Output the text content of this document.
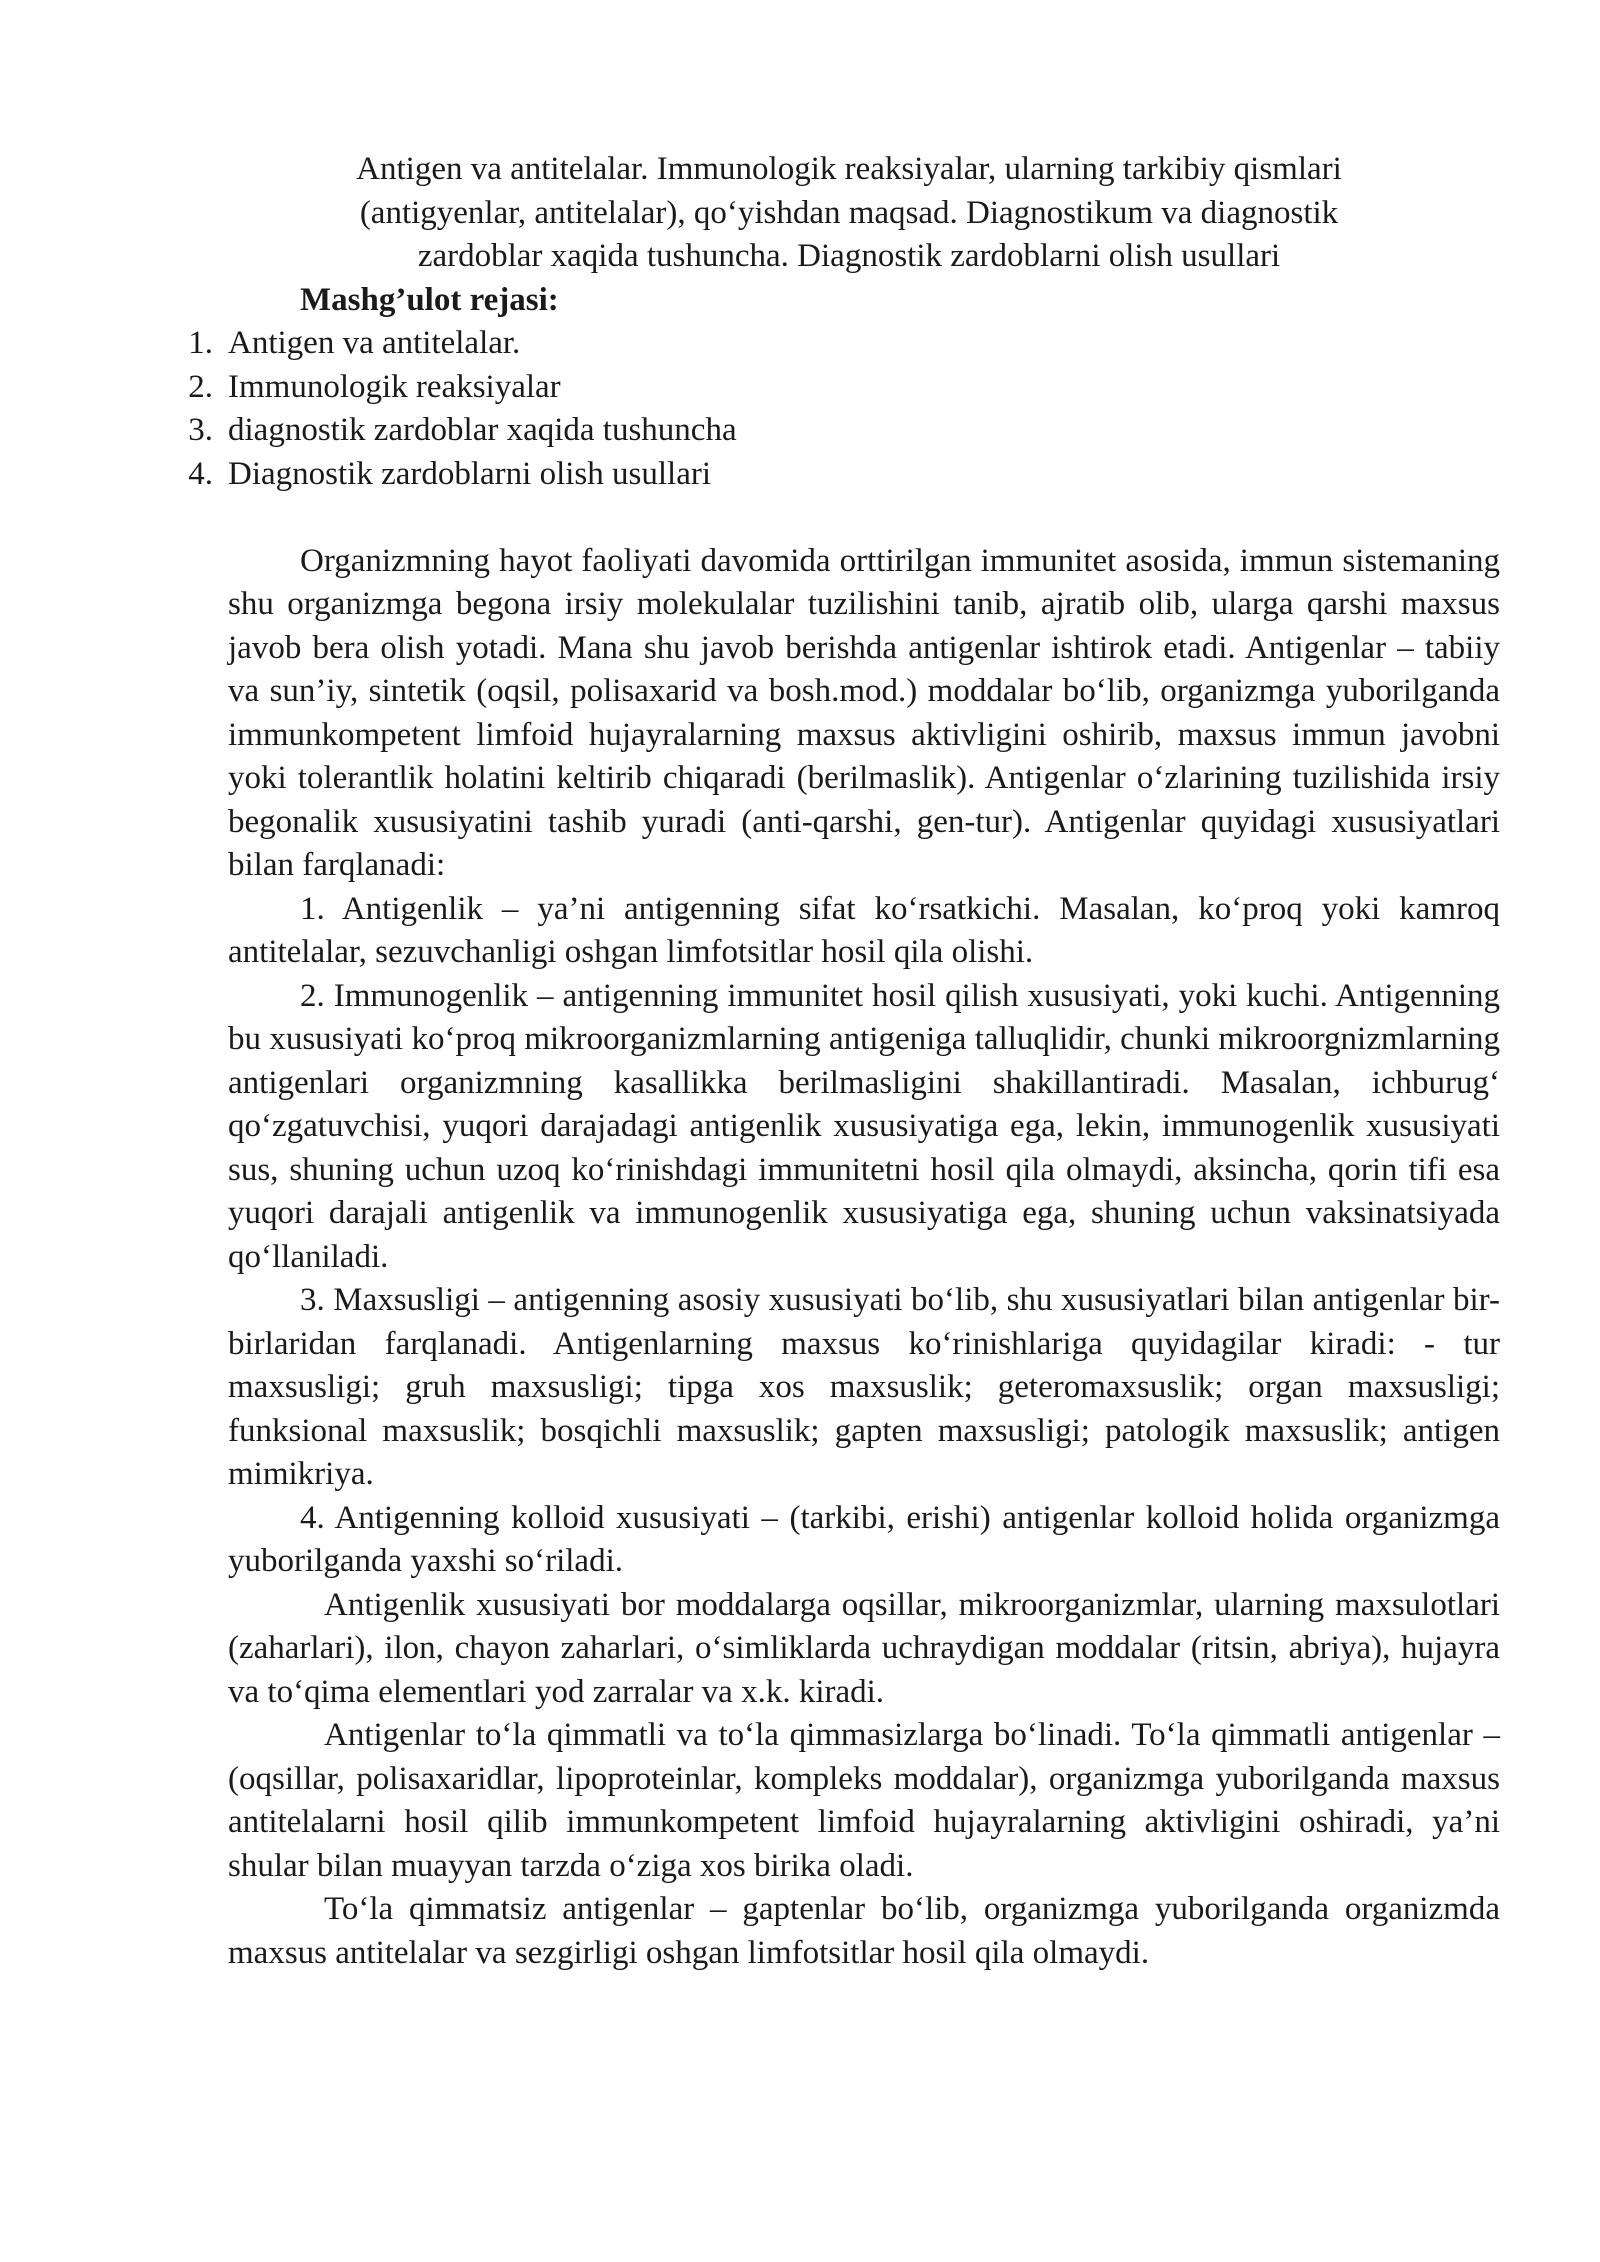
Antigen va antitelalar. Immunologik reaksiyalar, ularning tarkibiy qismlari
(antigyenlar, antitelalar), qo‘yishdan maqsad. Diagnostikum va diagnostik
zardoblar xaqida tushuncha. Diagnostik zardoblarni olish usullari
Mashg’ulot rejasi:
1. Antigen va antitelalar.
2. Immunologik reaksiyalar
3. diagnostik zardoblar xaqida tushuncha
4. Diagnostik zardoblarni olish usullari

Organizmning hayot faoliyati davomida orttirilgan immunitet asosida, immun sistemaning shu organizmga begona irsiy molekulalar tuzilishini tanib, ajratib olib, ularga qarshi maxsus javob bera olish yotadi. Mana shu javob berishda antigenlar ishtirok etadi. Antigenlar – tabiiy va sun’iy, sintetik (oqsil, polisaxarid va bosh.mod.) moddalar bo‘lib, organizmga yuborilganda immunkompetent limfoid hujayralarning maxsus aktivligini oshirib, maxsus immun javobni yoki tolerantlik holatini keltirib chiqaradi (berilmaslik). Antigenlar o‘zlarining tuzilishida irsiy begonalik xususiyatini tashib yuradi (anti-qarshi, gen-tur). Antigenlar quyidagi xususiyatlari bilan farqlanadi:

1. Antigenlik – ya’ni antigenning sifat ko‘rsatkichi. Masalan, ko‘proq yoki kamroq antitelalar, sezuvchanligi oshgan limfotsitlar hosil qila olishi.

2. Immunogenlik – antigenning immunitet hosil qilish xususiyati, yoki kuchi. Antigenning bu xususiyati ko‘proq mikroorganizmlarning antigeniga talluqlidir, chunki mikroorgnizmlarning antigenlari organizmning kasallikka berilmasligini shakillantiradi. Masalan, ichburug‘ qo‘zgatuvchisi, yuqori darajadagi antigenlik xususiyatiga ega, lekin, immunogenlik xususiyati sus, shuning uchun uzoq ko‘rinishdagi immunitetni hosil qila olmaydi, aksincha, qorin tifi esa yuqori darajali antigenlik va immunogenlik xususiyatiga ega, shuning uchun vaksinatsiyada qo‘llaniladi.

3. Maxsusligi – antigenning asosiy xususiyati bo‘lib, shu xususiyatlari bilan antigenlar bir-birlaridan farqlanadi. Antigenlarning maxsus ko‘rinishlariga quyidagilar kiradi: - tur maxsusligi; gruh maxsusligi; tipga xos maxsuslik; geteromaxsuslik; organ maxsusligi; funksional maxsuslik; bosqichli maxsuslik; gapten maxsusligi; patologik maxsuslik; antigen mimikriya.

4. Antigenning kolloid xususiyati – (tarkibi, erishi) antigenlar kolloid holida organizmga yuborilganda yaxshi so‘riladi.

Antigenlik xususiyati bor moddalarga oqsillar, mikroorganizmlar, ularning maxsulotlari (zaharlari), ilon, chayon zaharlari, o‘simliklarda uchraydigan moddalar (ritsin, abriya), hujayra va to‘qima elementlari yod zarralar va x.k. kiradi.

Antigenlar to‘la qimmatli va to‘la qimmasizlarga bo‘linadi. To‘la qimmatli antigenlar – (oqsillar, polisaxaridlar, lipoproteinlar, kompleks moddalar), organizmga yuborilganda maxsus antitelalarni hosil qilib immunkompetent limfoid hujayralarning aktivligini oshiradi, ya’ni shular bilan muayyan tarzda o‘ziga xos birika oladi.

To‘la qimmatsiz antigenlar – gaptenlar bo‘lib, organizmga yuborilganda organizmda maxsus antitelalar va sezgirligi oshgan limfotsitlar hosil qila olmaydi.
